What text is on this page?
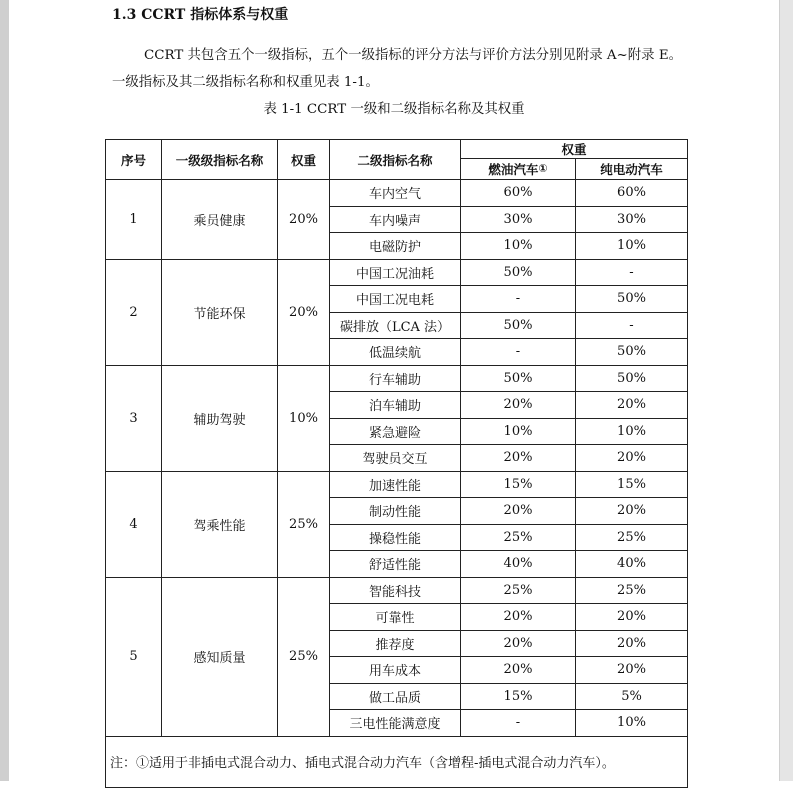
1.3 CCRT 指标体系与权重
CCRT 共包含五个一级指标，五个一级指标的评分方法与评价方法分别见附录 A~附录 E。
一级指标及其二级指标名称和权重见表 1-1。
表 1-1 CCRT 一级和二级指标名称及其权重
序号	一级级指标名称	权重	二级指标名称	权重	
				燃油汽车①	纯电动汽车
1	乘员健康	20%	车内空气	60%	60%
			车内噪声	30%	30%
			电磁防护	10%	10%
2	节能环保	20%	中国工况油耗	50%	-
			中国工况电耗	-	50%
			碳排放（LCA 法）	50%	-
			低温续航	-	50%
3	辅助驾驶	10%	行车辅助	50%	50%
			泊车辅助	20%	20%
			紧急避险	10%	10%
			驾驶员交互	20%	20%
4	驾乘性能	25%	加速性能	15%	15%
			制动性能	20%	20%
			操稳性能	25%	25%
			舒适性能	40%	40%
5	感知质量	25%	智能科技	25%	25%
			可靠性	20%	20%
			推荐度	20%	20%
			用车成本	20%	20%
			做工品质	15%	5%
			三电性能满意度	-	10%
注：①适用于非插电式混合动力、插电式混合动力汽车（含增程-插电式混合动力汽车）。					
